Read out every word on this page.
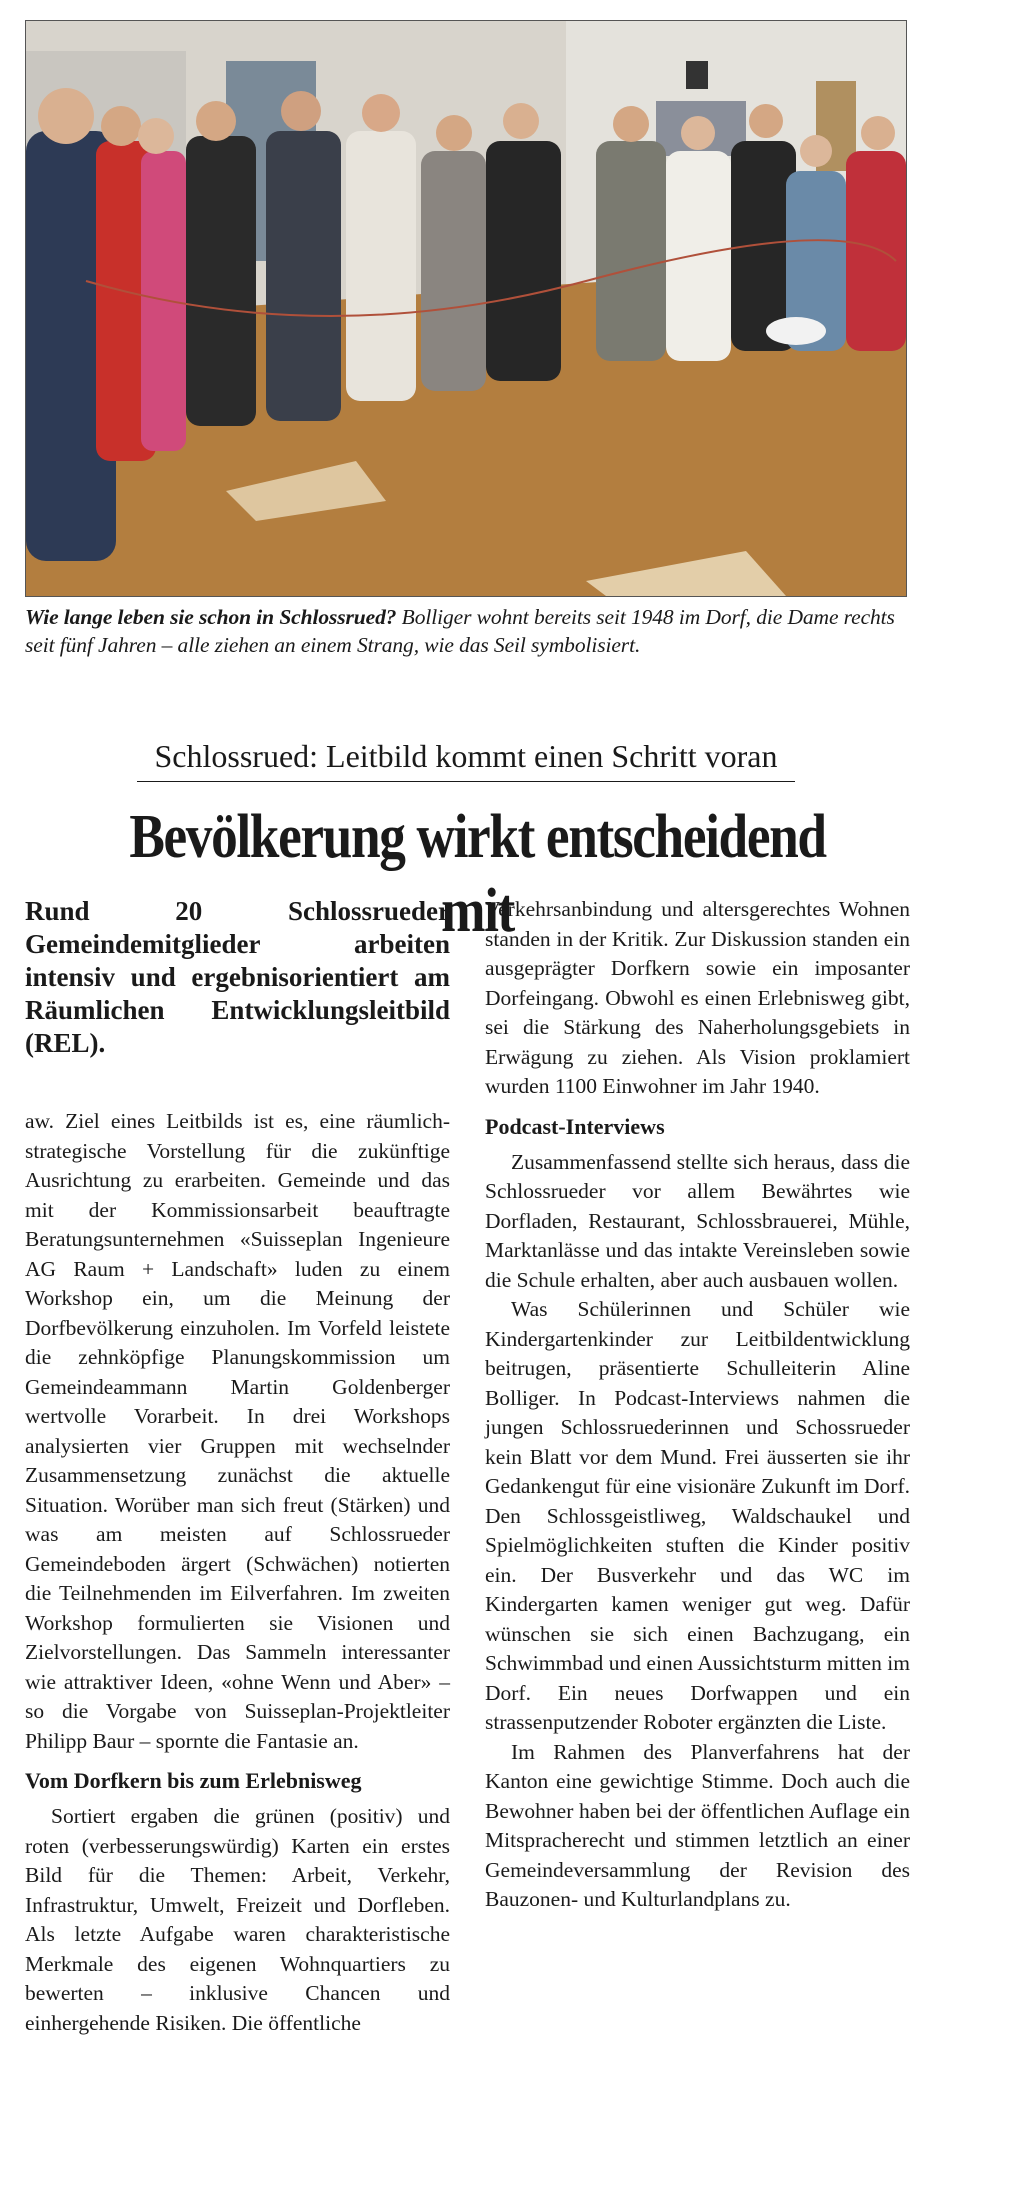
Wie lange leben sie schon in Schlossrued? Bolliger wohnt bereits seit 1948 im Dorf, die Dame rechts seit fünf Jahren – alle ziehen an einem Strang, wie das Seil symbolisiert.
Schlossrued: Leitbild kommt einen Schritt voran
Bevölkerung wirkt entscheidend mit
Rund 20 Schlossrueder Gemeindemitglieder arbeiten intensiv und ergebnisorientiert am Räumlichen Entwicklungsleitbild (REL).

aw. Ziel eines Leitbilds ist es, eine räumlich-strategische Vorstellung für die zukünftige Ausrichtung zu erarbeiten. Gemeinde und das mit der Kommissionsarbeit beauftragte Beratungsunternehmen «Suisseplan Ingenieure AG Raum + Landschaft» luden zu einem Workshop ein, um die Meinung der Dorfbevölkerung einzuholen. Im Vorfeld leistete die zehnköpfige Planungskommission um Gemeindeammann Martin Goldenberger wertvolle Vorarbeit. In drei Workshops analysierten vier Gruppen mit wechselnder Zusammensetzung zunächst die aktuelle Situation. Worüber man sich freut (Stärken) und was am meisten auf Schlossrueder Gemeindeboden ärgert (Schwächen) notierten die Teilnehmenden im Eilverfahren. Im zweiten Workshop formulierten sie Visionen und Zielvorstellungen. Das Sammeln interessanter wie attraktiver Ideen, «ohne Wenn und Aber» – so die Vorgabe von Suisseplan-Projektleiter Philipp Baur – spornte die Fantasie an.

Vom Dorfkern bis zum Erlebnisweg

Sortiert ergaben die grünen (positiv) und roten (verbesserungswürdig) Karten ein erstes Bild für die Themen: Arbeit, Verkehr, Infrastruktur, Umwelt, Freizeit und Dorfleben. Als letzte Aufgabe waren charakteristische Merkmale des eigenen Wohnquartiers zu bewerten – inklusive Chancen und einhergehende Risiken. Die öffentliche

Verkehrsanbindung und altersgerechtes Wohnen standen in der Kritik. Zur Diskussion standen ein ausgeprägter Dorfkern sowie ein imposanter Dorfeingang. Obwohl es einen Erlebnisweg gibt, sei die Stärkung des Naherholungsgebiets in Erwägung zu ziehen. Als Vision proklamiert wurden 1100 Einwohner im Jahr 1940.

Podcast-Interviews

Zusammenfassend stellte sich heraus, dass die Schlossrueder vor allem Bewährtes wie Dorfladen, Restaurant, Schlossbrauerei, Mühle, Marktanlässe und das intakte Vereinsleben sowie die Schule erhalten, aber auch ausbauen wollen.

Was Schülerinnen und Schüler wie Kindergartenkinder zur Leitbildentwicklung beitrugen, präsentierte Schulleiterin Aline Bolliger. In Podcast-Interviews nahmen die jungen Schlossruederinnen und Schossrueder kein Blatt vor dem Mund. Frei äusserten sie ihr Gedankengut für eine visionäre Zukunft im Dorf. Den Schlossgeistliweg, Waldschaukel und Spielmöglichkeiten stuften die Kinder positiv ein. Der Busverkehr und das WC im Kindergarten kamen weniger gut weg. Dafür wünschen sie sich einen Bachzugang, ein Schwimmbad und einen Aussichtsturm mitten im Dorf. Ein neues Dorfwappen und ein strassenputzender Roboter ergänzten die Liste.

Im Rahmen des Planverfahrens hat der Kanton eine gewichtige Stimme. Doch auch die Bewohner haben bei der öffentlichen Auflage ein Mitspracherecht und stimmen letztlich an einer Gemeindeversammlung der Revision des Bauzonen- und Kulturlandplans zu.
